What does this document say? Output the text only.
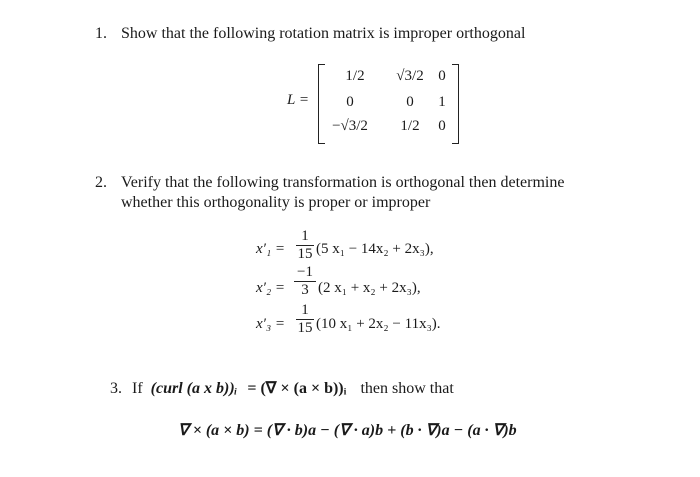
1. Show that the following rotation matrix is improper orthogonal
L =
1/2	√3/2 0
0	0	1
−√3/2	1/2	0
2. Verify that the following transformation is orthogonal then determine
whether this orthogonality is proper or improper
x′₁ =
1
15 (5 x₁ − 14x₂ + 2x₃),
x′₂ =
−1
3 (2 x₁ + x₂ + 2x₃),
x′₃ =
1
15 (10 x₁ + 2x₂ − 11x₃).
3. If (curl (a x b))ᵢ = (∇ × (a × b))ᵢ then show that
∇ × (a × b) = (∇ · b)a − (∇ · a)b + (b · ∇)a − (a · ∇)b
